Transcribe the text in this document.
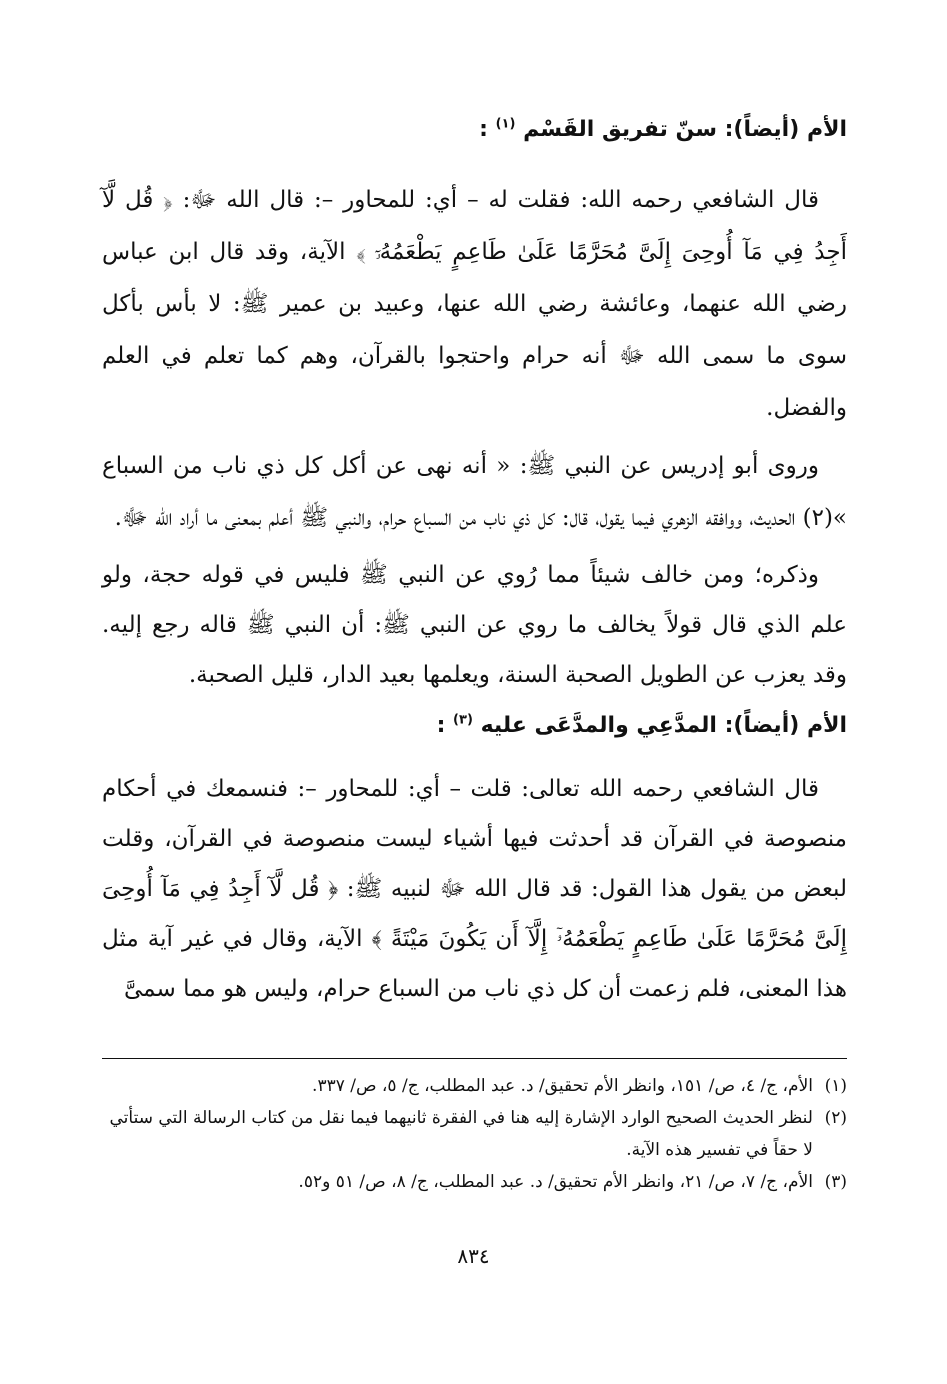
الأم (أيضاً): سنّ تفريق القَسْم $^{(١)}$ :

قال الشافعي رحمه الله: فقلت له – أي: للمحاور –: قال الله ﷻ: ﴿ قُل لَّآ أَجِدُ فِي مَآ أُوحِىَ إِلَىَّ مُحَرَّمًا عَلَىٰ طَاعِمٍ يَطْعَمُهُۥٓ ﴾ الآية، وقد قال ابن عباس رضي الله عنهما، وعائشة رضي الله عنها، وعبيد بن عمير ﷺ: لا بأس بأكل سوى ما سمى الله ﷻ أنه حرام واحتجوا بالقرآن، وهم كما تعلم في العلم والفضل.

وروى أبو إدريس عن النبي ﷺ: « أنه نهى عن أكل كل ذي ناب من السباع »(٢) الحديث، ووافقه الزهري فيما يقول، قال: كل ذي ناب من السباع حرام، والنبي ﷺ أعلم بمعنى ما أراد الله ﷻ.

وذكره؛ ومن خالف شيئاً مما رُوي عن النبي ﷺ فليس في قوله حجة، ولو علم الذي قال قولاً يخالف ما روي عن النبي ﷺ: أن النبي ﷺ قاله رجع إليه. وقد يعزب عن الطويل الصحبة السنة، ويعلمها بعيد الدار، قليل الصحبة.

الأم (أيضاً): المدَّعِي والمدَّعَى عليه $^{(٣)}$ :

قال الشافعي رحمه الله تعالى: قلت – أي: للمحاور –: فنسمعك في أحكام منصوصة في القرآن قد أحدثت فيها أشياء ليست منصوصة في القرآن، وقلت لبعض من يقول هذا القول: قد قال الله ﷻ لنبيه ﷺ: ﴿ قُل لَّآ أَجِدُ فِي مَآ أُوحِىَ إِلَىَّ مُحَرَّمًا عَلَىٰ طَاعِمٍ يَطْعَمُهُۥٓ إِلَّآ أَن يَكُونَ مَيْتَةً ﴾ الآية، وقال في غير آية مثل هذا المعنى، فلم زعمت أن كل ذي ناب من السباع حرام، وليس هو مما سمىَّ

(١)
الأم، ج/ ٤، ص/ ١٥١، وانظر الأم تحقيق/ د. عبد المطلب، ج/ ٥، ص/ ٣٣٧.
(٢)
لنظر الحديث الصحيح الوارد الإشارة إليه هنا في الفقرة ثانيهما فيما نقل من كتاب الرسالة التي ستأتي لا حقاً في تفسير هذه الآية.
(٣)
الأم، ج/ ٧، ص/ ٢١، وانظر الأم تحقيق/ د. عبد المطلب، ج/ ٨، ص/ ٥١ و٥٢.
٨٣٤
